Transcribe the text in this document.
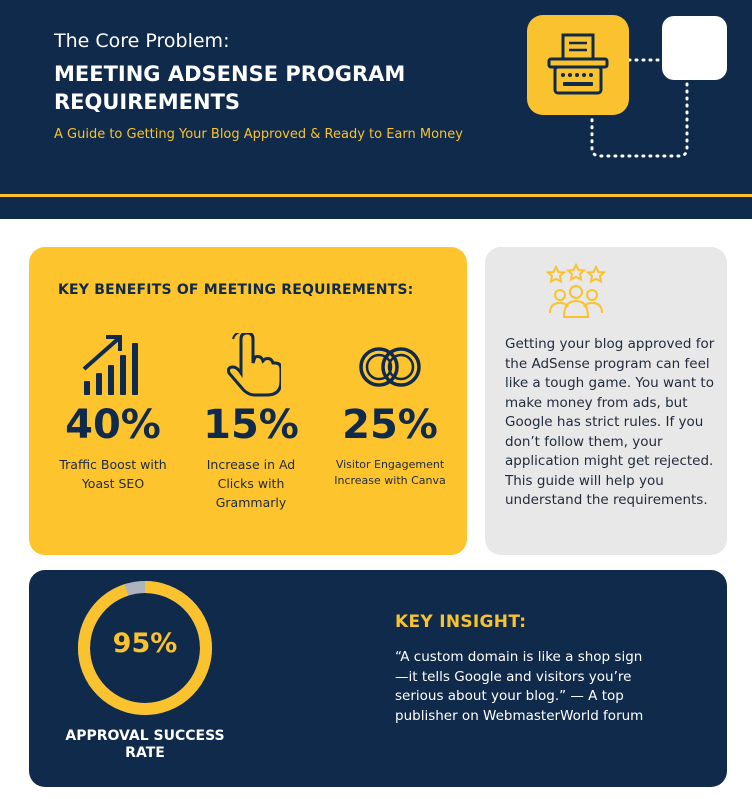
The Core Problem:
MEETING ADSENSE PROGRAM REQUIREMENTS
A Guide to Getting Your Blog Approved & Ready to Earn Money
KEY BENEFITS OF MEETING REQUIREMENTS:
40%
Traffic Boost with Yoast SEO
15%
Increase in Ad Clicks with Grammarly
25%
Visitor Engagement Increase with Canva

Getting your blog approved for the AdSense program can feel like a tough game. You want to make money from ads, but Google has strict rules. If you don’t follow them, your application might get rejected. This guide will help you understand the requirements.

95%
APPROVAL SUCCESS RATE
KEY INSIGHT:
“A custom domain is like a shop sign—it tells Google and visitors you’re serious about your blog.” — A top publisher on WebmasterWorld forum
